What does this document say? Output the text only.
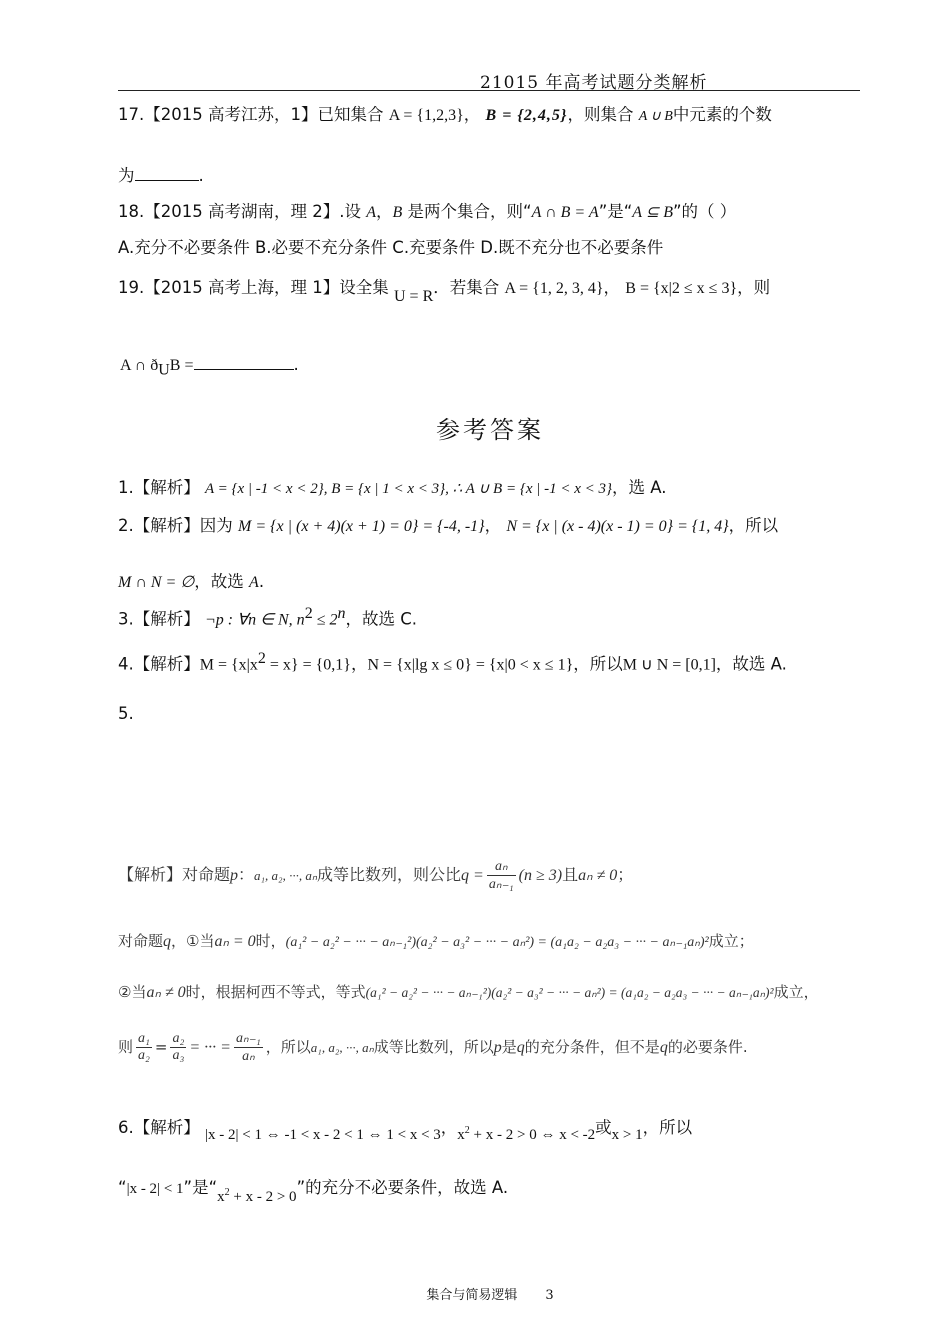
21015 年高考试题分类解析
17.【2015 高考江苏，1】已知集合 A = {1,2,3}， B = {2,4,5}，则集合 A ∪ B中元素的个数
为	.
18.【2015 高考湖南，理 2】.设 A，B 是两个集合，则“A ∩ B = A”是“A ⊆ B”的（ ）
A.充分不必要条件 B.必要不充分条件 C.充要条件 D.既不充分也不必要条件
19.【2015 高考上海，理 1】设全集 U = R．若集合 A = {1, 2, 3, 4}， B = {x|2 ≤ x ≤ 3}，则
A ∩ $ð_UB$ =	.
参考答案
1.【解析】 A = {x | -1 < x < 2}, B = {x | 1 < x < 3}, ∴ A ∪ B = {x | -1 < x < 3}，选 A.
2.【解析】因为 M = {x | (x + 4)(x + 1) = 0} = {-4, -1}， N = {x | (x - 4)(x - 1) = 0} = {1, 4}，所以
M ∩ N = ∅，故选 A.
3.【解析】 ¬p : ∀n ∈ N, $n^2 \le 2^n$，故选 C.
4.【解析】$M = \{x|x^2 = x\} = \{0,1\}$，N = {x|lg x ≤ 0} = {x|0 < x ≤ 1}，所以M ∪ N = [0,1]，故选 A.
5.
【解析】对命题p：a₁, a₂, ···, aₙ成等比数列，则公比$q = \frac{\text{aₙ}}{\text{aₙ₋₁}} (n \ge 3)$且aₙ ≠ 0；
对命题q，①当aₙ = 0时，(a₁² − a₂² − ··· − aₙ₋₁²)(a₂² − a₃² − ··· − aₙ²) = (a₁a₂ − a₂a₃ − ··· − aₙ₋₁aₙ)²成立；
②当aₙ ≠ 0时，根据柯西不等式，等式(a₁² − a₂² − ··· − aₙ₋₁²)(a₂² − a₃² − ··· − aₙ²) = (a₁a₂ − a₂a₃ − ··· − aₙ₋₁aₙ)²成立，
则 $\frac{\text{a₁}}{\text{a₂}} = \frac{\text{a₂}}{\text{a₃}}$ = ··· = $\frac{\text{aₙ₋₁}}{\text{aₙ}}$ ，所以a₁, a₂, ···, aₙ成等比数列，所以p是q的充分条件，但不是q的必要条件.
6.【解析】 |x - 2| < 1 ⇔ -1 < x - 2 < 1 ⇔ 1 < x < 3，$x^2 + x - 2 > 0$ ⇔ x < -2或x > 1，所以
“|x - 2| < 1”是“$x^2 + x - 2 > 0$”的充分不必要条件，故选 A.
集合与简易逻辑 3
